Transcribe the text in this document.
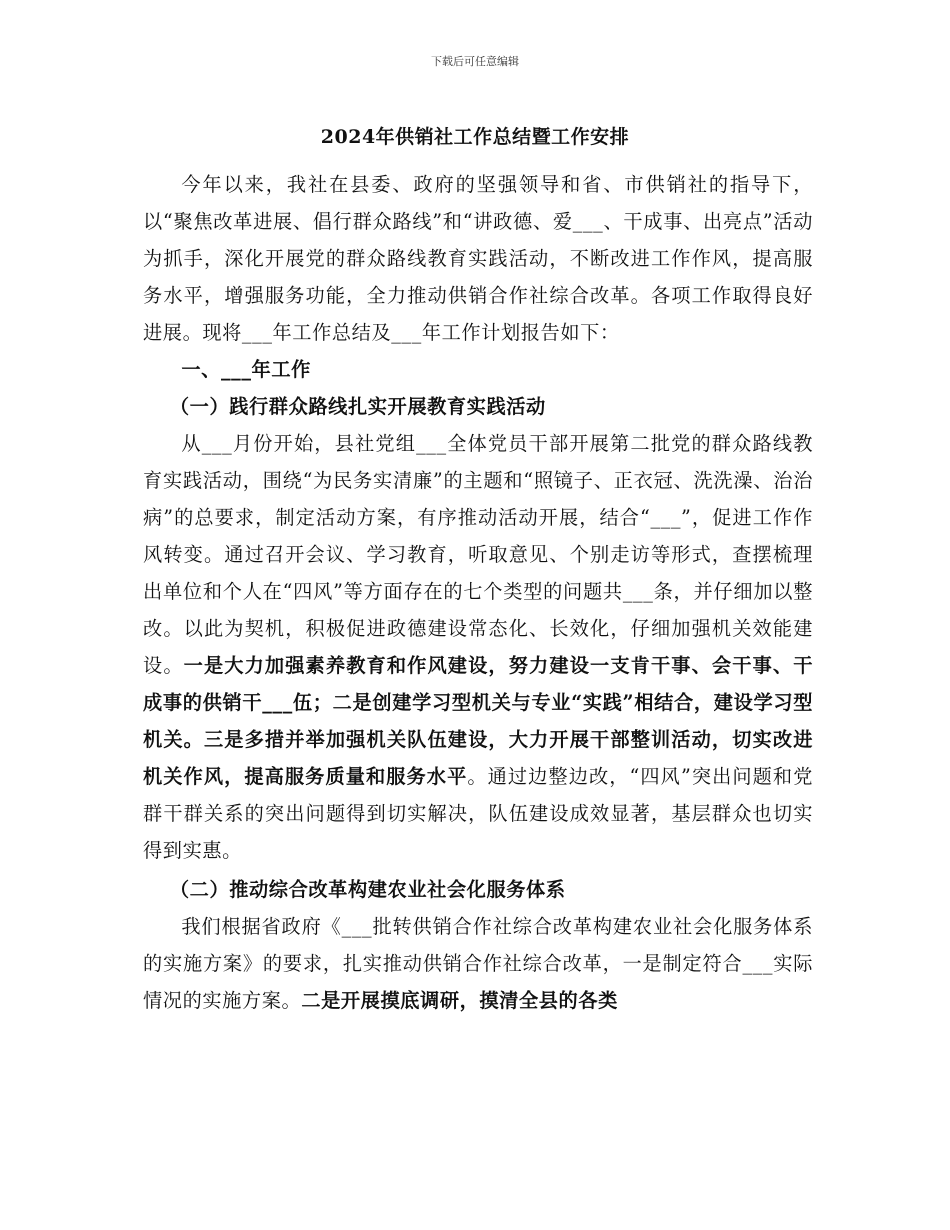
下载后可任意编辑
2024年供销社工作总结暨工作安排

今年以来，我社在县委、政府的坚强领导和省、市供销社的指导下，以“聚焦改革进展、倡行群众路线”和“讲政德、爱___、干成事、出亮点”活动为抓手，深化开展党的群众路线教育实践活动，不断改进工作作风，提高服务水平，增强服务功能，全力推动供销合作社综合改革。各项工作取得良好进展。现将___年工作总结及___年工作计划报告如下：

一、___年工作

（一）践行群众路线扎实开展教育实践活动

从___月份开始，县社党组___全体党员干部开展第二批党的群众路线教育实践活动，围绕“为民务实清廉”的主题和“照镜子、正衣冠、洗洗澡、治治病”的总要求，制定活动方案，有序推动活动开展，结合“___”，促进工作作风转变。通过召开会议、学习教育，听取意见、个别走访等形式，查摆梳理出单位和个人在“四风”等方面存在的七个类型的问题共___条，并仔细加以整改。以此为契机，积极促进政德建设常态化、长效化，仔细加强机关效能建设。一是大力加强素养教育和作风建设，努力建设一支肯干事、会干事、干成事的供销干___伍；二是创建学习型机关与专业“实践”相结合，建设学习型机关。三是多措并举加强机关队伍建设，大力开展干部整训活动，切实改进机关作风，提高服务质量和服务水平。通过边整边改，“四风”突出问题和党群干群关系的突出问题得到切实解决，队伍建设成效显著，基层群众也切实得到实惠。

（二）推动综合改革构建农业社会化服务体系

我们根据省政府《___批转供销合作社综合改革构建农业社会化服务体系的实施方案》的要求，扎实推动供销合作社综合改革，一是制定符合___实际情况的实施方案。二是开展摸底调研，摸清全县的各类
